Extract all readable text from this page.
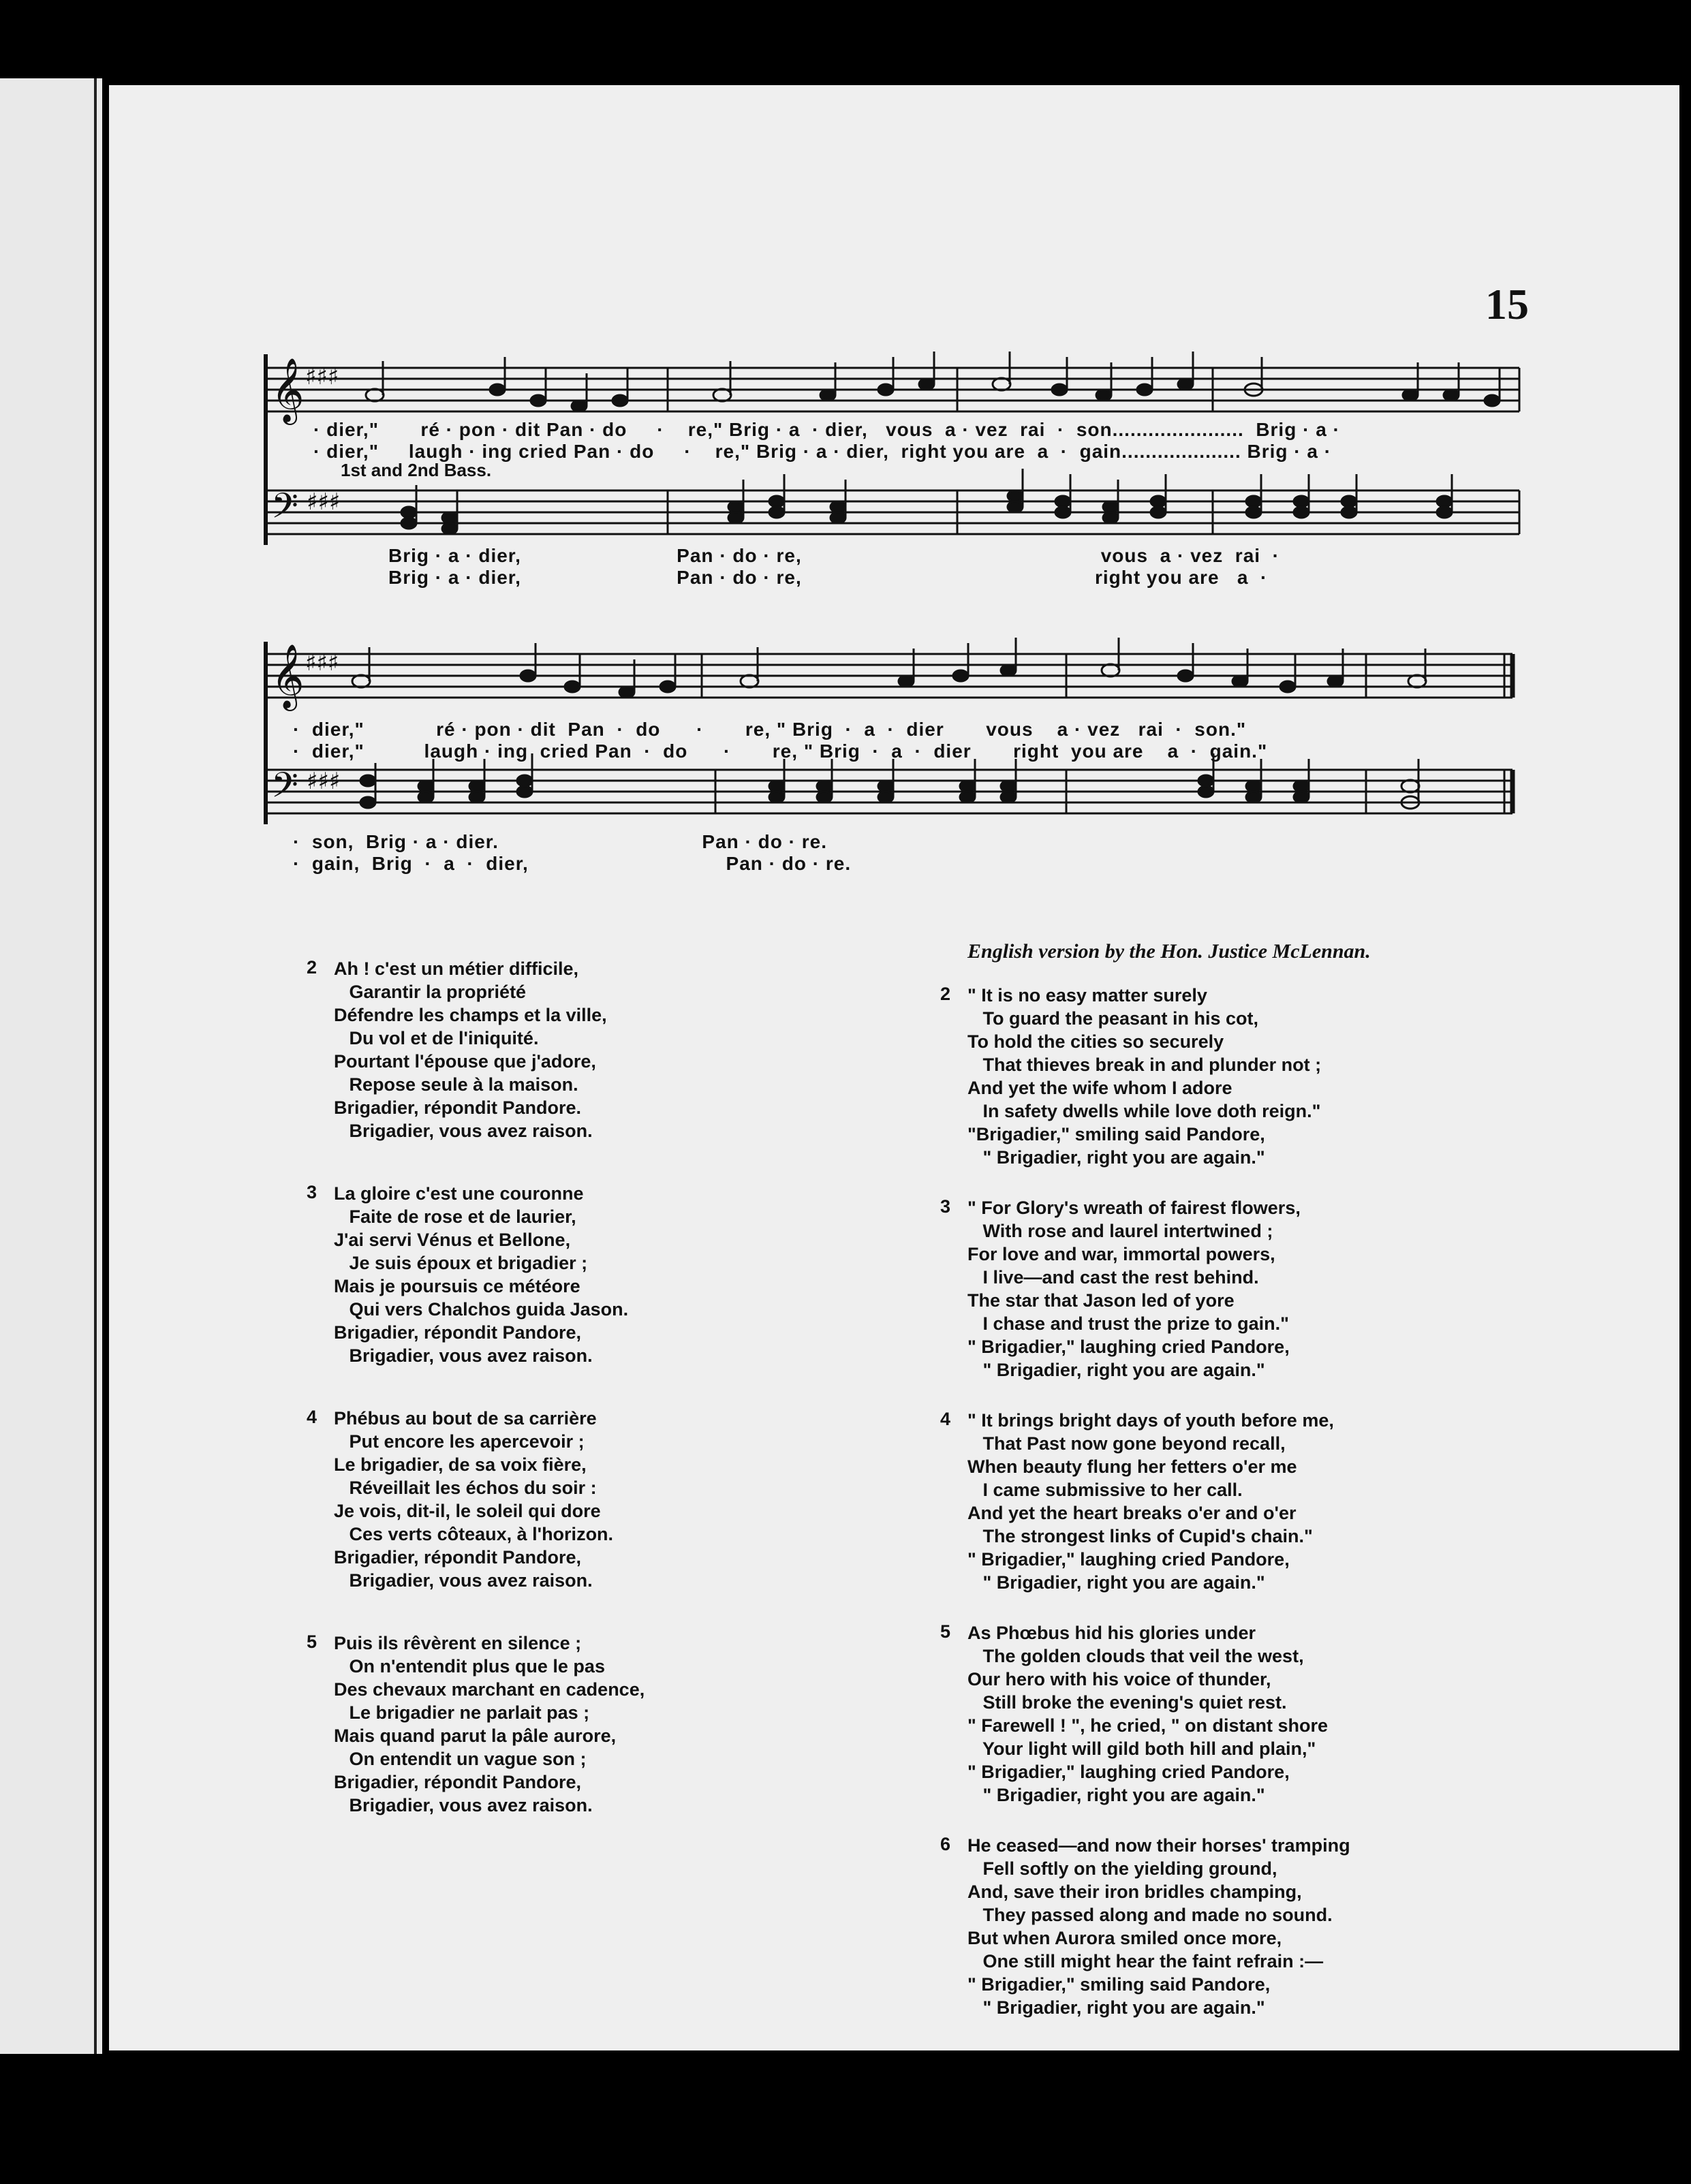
15

𝄞 ♯♯♯
𝄢 ♯♯♯

1st and 2nd Bass.

· dier,"       ré · pon · dit Pan · do     ·    re," Brig · a  · dier,   vous  a · vez  rai  ·  son......................  Brig · a ·

· dier,"     laugh · ing cried Pan · do     ·    re," Brig · a · dier,  right you are  a  ·  gain.................... Brig · a ·

Brig · a · dier,                          Pan · do · re,                                                  vous  a · vez  rai  ·

Brig · a · dier,                          Pan · do · re,                                                 right you are   a  ·

𝄞 ♯♯♯
𝄢 ♯♯♯

·  dier,"            ré · pon · dit  Pan  ·  do      ·       re, " Brig  ·  a  ·  dier       vous    a · vez   rai  ·  son."

·  dier,"          laugh · ing  cried Pan  ·  do      ·       re, " Brig  ·  a  ·  dier       right  you are    a  ·  gain."

·  son,  Brig · a · dier.                                  Pan · do · re.

·  gain,  Brig  ·  a  ·  dier,                                 Pan · do · re.

2 Ah ! c'est un métier difficile,
Garantir la propriété
Défendre les champs et la ville,
Du vol et de l'iniquité.
Pourtant l'épouse que j'adore,
Repose seule à la maison.
Brigadier, répondit Pandore.
Brigadier, vous avez raison.
3 La gloire c'est une couronne
Faite de rose et de laurier,
J'ai servi Vénus et Bellone,
Je suis époux et brigadier ;
Mais je poursuis ce météore
Qui vers Chalchos guida Jason.
Brigadier, répondit Pandore,
Brigadier, vous avez raison.
4 Phébus au bout de sa carrière
Put encore les apercevoir ;
Le brigadier, de sa voix fière,
Réveillait les échos du soir :
Je vois, dit-il, le soleil qui dore
Ces verts côteaux, à l'horizon.
Brigadier, répondit Pandore,
Brigadier, vous avez raison.
5 Puis ils rêvèrent en silence ;
On n'entendit plus que le pas
Des chevaux marchant en cadence,
Le brigadier ne parlait pas ;
Mais quand parut la pâle aurore,
On entendit un vague son ;
Brigadier, répondit Pandore,
Brigadier, vous avez raison.

English version by the Hon. Justice McLennan.

2 " It is no easy matter surely
To guard the peasant in his cot,
To hold the cities so securely
That thieves break in and plunder not ;
And yet the wife whom I adore
In safety dwells while love doth reign."
"Brigadier," smiling said Pandore,
" Brigadier, right you are again."
3 " For Glory's wreath of fairest flowers,
With rose and laurel intertwined ;
For love and war, immortal powers,
I live—and cast the rest behind.
The star that Jason led of yore
I chase and trust the prize to gain."
" Brigadier," laughing cried Pandore,
" Brigadier, right you are again."
4 " It brings bright days of youth before me,
That Past now gone beyond recall,
When beauty flung her fetters o'er me
I came submissive to her call.
And yet the heart breaks o'er and o'er
The strongest links of Cupid's chain."
" Brigadier," laughing cried Pandore,
" Brigadier, right you are again."
5 As Phœbus hid his glories under
The golden clouds that veil the west,
Our hero with his voice of thunder,
Still broke the evening's quiet rest.
" Farewell ! ", he cried, " on distant shore
Your light will gild both hill and plain,"
" Brigadier," laughing cried Pandore,
" Brigadier, right you are again."
6 He ceased—and now their horses' tramping
Fell softly on the yielding ground,
And, save their iron bridles champing,
They passed along and made no sound.
But when Aurora smiled once more,
One still might hear the faint refrain :—
" Brigadier," smiling said Pandore,
" Brigadier, right you are again."
